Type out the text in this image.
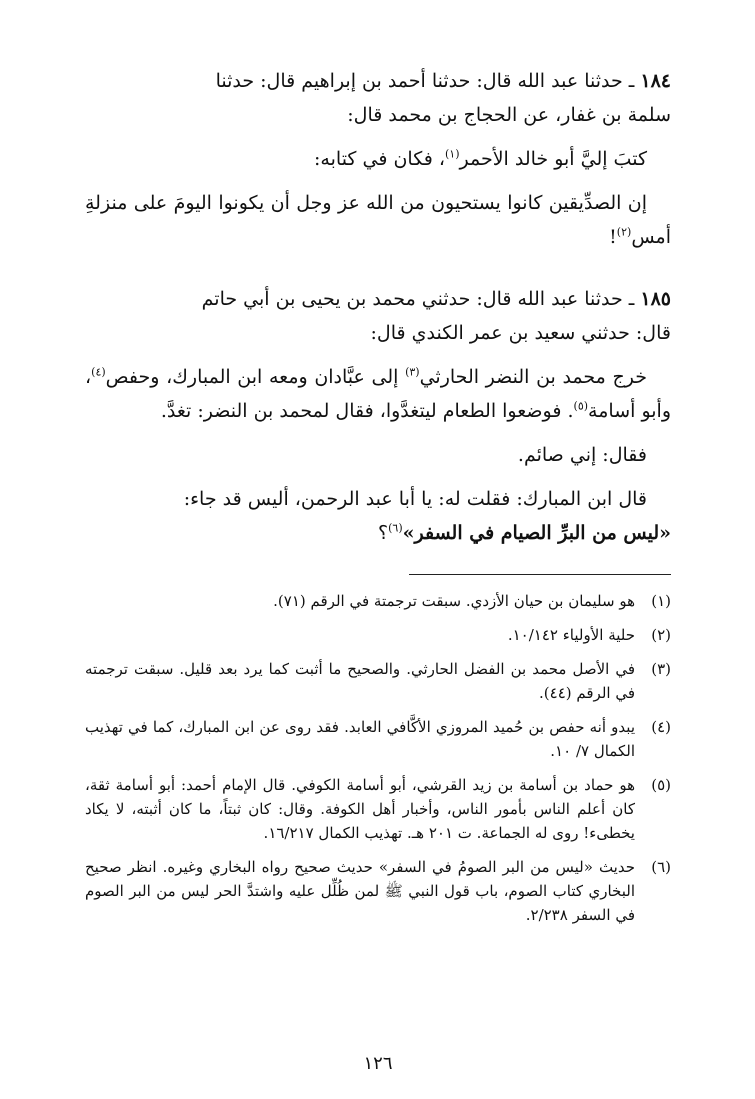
١٨٤ ـ حدثنا عبد الله قال: حدثنا أحمد بن إبراهيم قال: حدثنا
سلمة بن غفار، عن الحجاج بن محمد قال:

كتبَ إليَّ أبو خالد الأحمر$^{(١)}$، فكان في كتابه:

إن الصدِّيقين كانوا يستحيون من الله عز وجل أن يكونوا اليومَ على منزلةِ أمس$^{(٢)}$!

١٨٥ ـ حدثنا عبد الله قال: حدثني محمد بن يحيى بن أبي حاتم
قال: حدثني سعيد بن عمر الكندي قال:

خرج محمد بن النضر الحارثي$^{(٣)}$ إلى عبَّادان ومعه ابن المبارك، وحفص$^{(٤)}$، وأبو أسامة$^{(٥)}$. فوضعوا الطعام ليتغدَّوا، فقال لمحمد بن النضر: تغدَّ.

فقال: إني صائم.

قال ابن المبارك: فقلت له: يا أبا عبد الرحمن، أليس قد جاء:
«ليس من البرِّ الصيام في السفر»$^{(٦)}$؟

(١)
هو سليمان بن حيان الأزدي. سبقت ترجمتة في الرقم (٧١).
(٢)
حلية الأولياء ١٠/١٤٢.
(٣)
في الأصل محمد بن الفضل الحارثي. والصحيح ما أثبت كما يرد بعد قليل. سبقت ترجمته في الرقم (٤٤).
(٤)
يبدو أنه حفص بن حُميد المروزي الأكَّافي العابد. فقد روى عن ابن المبارك، كما في تهذيب الكمال ٧/ ١٠.
(٥)
هو حماد بن أسامة بن زيد القرشي، أبو أسامة الكوفي. قال الإمام أحمد: أبو أسامة ثقة، كان أعلم الناس بأمور الناس، وأخبار أهل الكوفة. وقال: كان ثبتاً، ما كان أثبته، لا يكاد يخطىء! روى له الجماعة. ت ٢٠١ هـ. تهذيب الكمال ١٦/٢١٧.
(٦)
حديث «ليس من البر الصومُ في السفر» حديث صحيح رواه البخاري وغيره. انظر صحيح البخاري كتاب الصوم، باب قول النبي ﷺ لمن ظُلِّل عليه واشتدَّ الحر ليس من البر الصوم في السفر ٢/٢٣٨.
١٢٦
